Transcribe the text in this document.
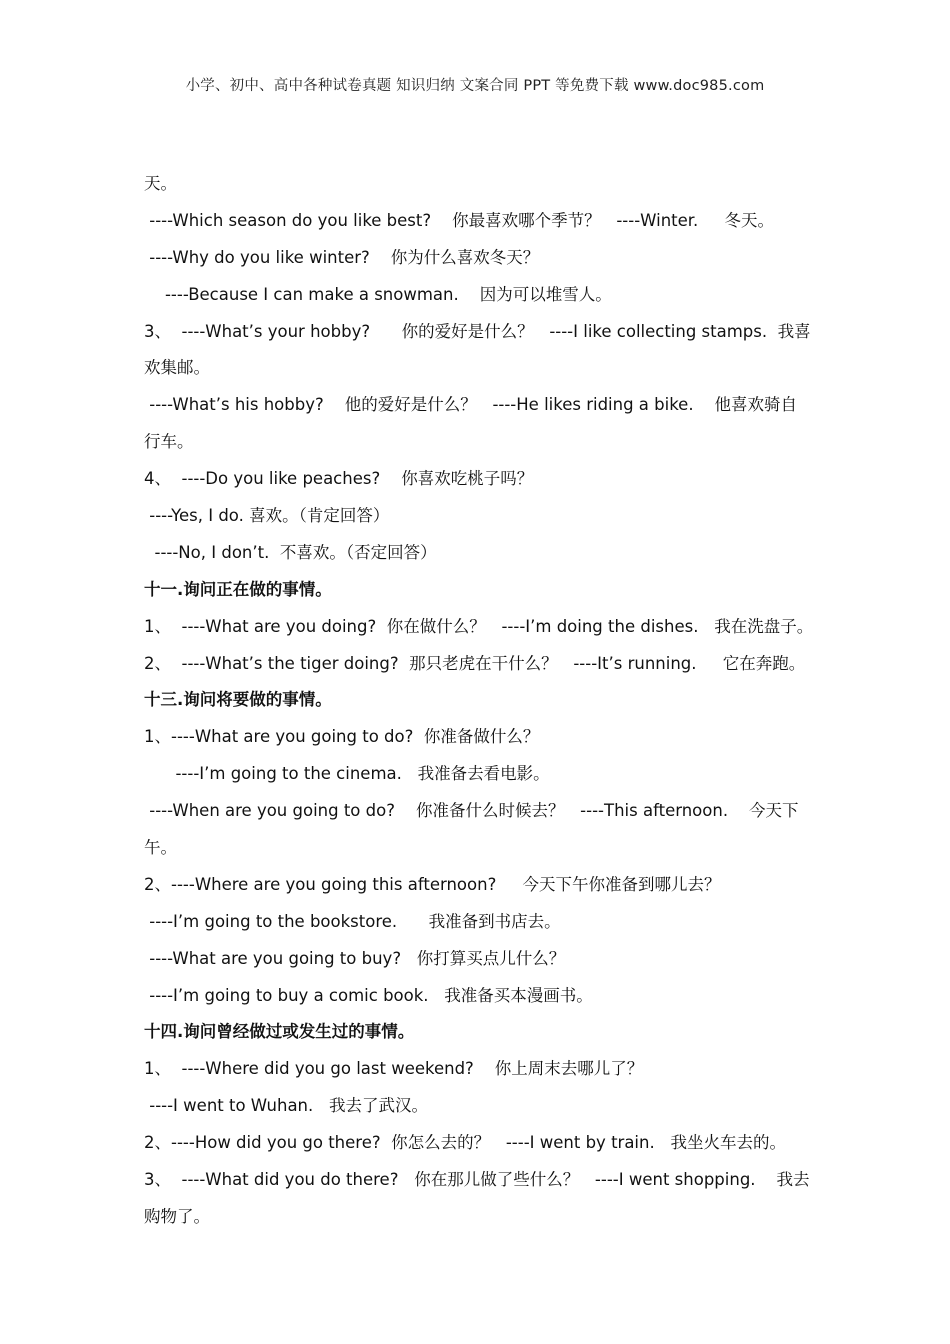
小学、初中、高中各种试卷真题 知识归纳 文案合同 PPT 等免费下载 www.doc985.com
天。
----Which season do you like best?    你最喜欢哪个季节？   ----Winter.     冬天。
----Why do you like winter?    你为什么喜欢冬天？
----Because I can make a snowman.    因为可以堆雪人。
3、  ----What’s your hobby?      你的爱好是什么？   ----I like collecting stamps.  我喜
欢集邮。
----What’s his hobby?    他的爱好是什么？   ----He likes riding a bike.    他喜欢骑自
行车。
4、  ----Do you like peaches?    你喜欢吃桃子吗？
----Yes, I do. 喜欢。（肯定回答）
----No, I don’t.  不喜欢。（否定回答）
十一.询问正在做的事情。
1、  ----What are you doing?  你在做什么？   ----I’m doing the dishes.   我在洗盘子。
2、  ----What’s the tiger doing?  那只老虎在干什么？   ----It’s running.     它在奔跑。
十三.询问将要做的事情。
1、----What are you going to do?  你准备做什么？
----I’m going to the cinema.   我准备去看电影。
----When are you going to do?    你准备什么时候去？   ----This afternoon.    今天下
午。
2、----Where are you going this afternoon?     今天下午你准备到哪儿去？
----I’m going to the bookstore.      我准备到书店去。
----What are you going to buy?   你打算买点儿什么？
----I’m going to buy a comic book.   我准备买本漫画书。
十四.询问曾经做过或发生过的事情。
1、  ----Where did you go last weekend?    你上周末去哪儿了？
----I went to Wuhan.   我去了武汉。
2、----How did you go there?  你怎么去的？   ----I went by train.   我坐火车去的。
3、  ----What did you do there?   你在那儿做了些什么？   ----I went shopping.    我去
购物了。
